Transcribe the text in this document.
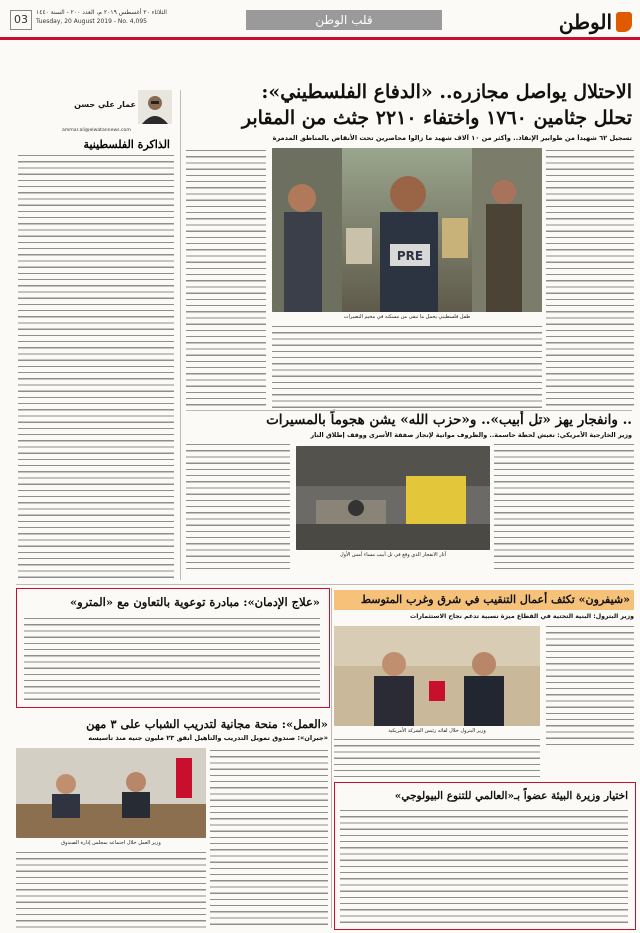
الوطن
قلب الوطن
03
الثلاثاء ٢٠ أغسطس ٢٠١٩ م، العدد ٢٠٠ - السنة ١٤٤٠
Tuesday, 20 August 2019 - No. 4,095
عمار علي حسن
ammar.ali@elwatannews.com
الذاكرة الفلسطينية
الاحتلال يواصل مجازره.. «الدفاع الفلسطيني»:
تحلل جثامين ١٧٦٠ واختفاء ٢٢١٠ جثث من المقابر
تسجيل ٦٢ شهيداً من طوابير الإنقاذ.. وأكثر من ١٠ آلاف شهيد ما زالوا محاصرين تحت الأنقاض بالمناطق المدمرة
PRE
طفل فلسطيني يحمل ما تبقى من مسكنه في مخيم النصيرات
.. وانفجار يهز «تل أبيب».. و«حزب الله» يشن هجوماً بالمسيرات
وزير الخارجية الأمريكي: نعيش لحظة حاسمة.. والظروف مواتية لإنجاز صفقة الأسرى ووقف إطلاق النار
آثار الانفجار الذي وقع في تل أبيب مساء أمس الأول
«شيفرون» تكثف أعمال التنقيب في شرق وغرب المتوسط
وزير البترول: البنية التحتية في القطاع ميزة نسبية تدعم نجاح الاستثمارات
وزير البترول خلال لقائه رئيس الشركة الأمريكية
«علاج الإدمان»: مبادرة توعوية بالتعاون مع «المترو»
«العمل»: منحة مجانية لتدريب الشباب على ٣ مهن
«جبران»: صندوق تمويل التدريب والتأهيل أنفق ٢٣ مليون جنيه منذ تأسيسه
وزير العمل خلال اجتماعه بمجلس إدارة الصندوق
اختيار وزيرة البيئة عضواً بـ«العالمي للتنوع البيولوجي»
